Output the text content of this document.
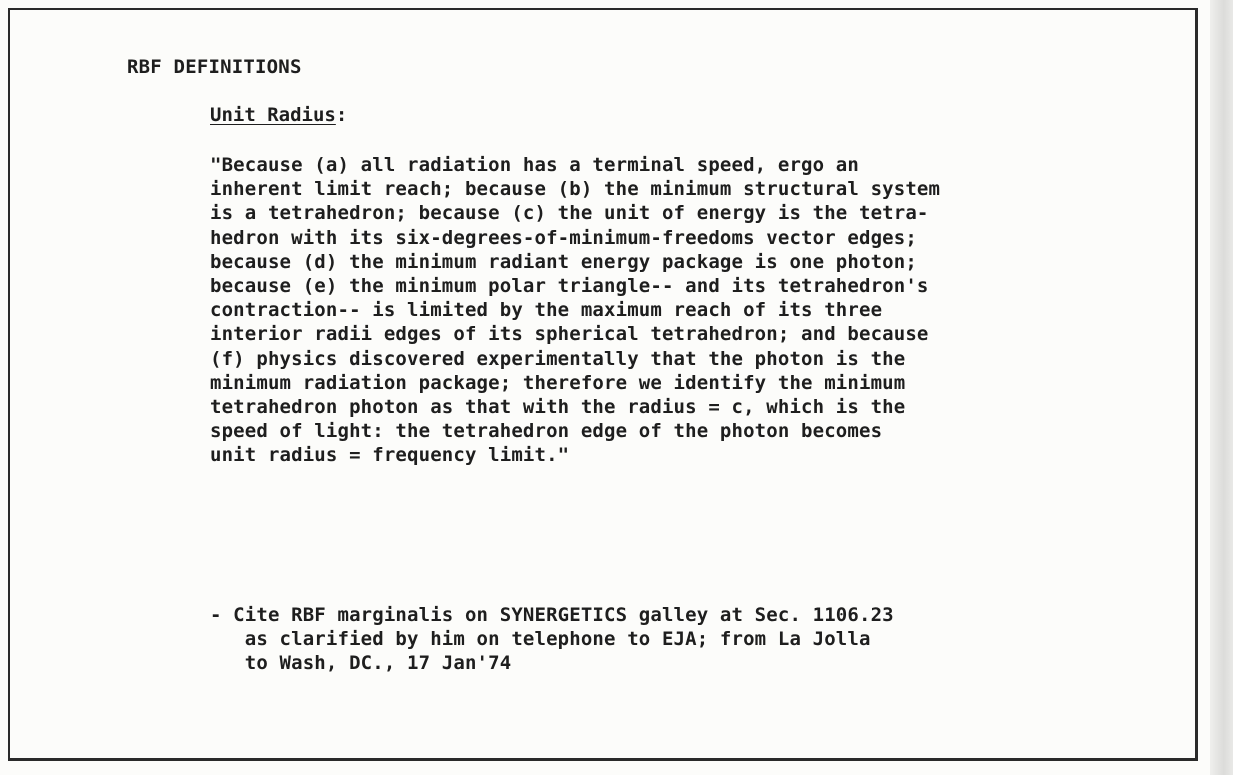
RBF DEFINITIONS
Unit Radius:
"Because (a) all radiation has a terminal speed, ergo an
inherent limit reach; because (b) the minimum structural system
is a tetrahedron; because (c) the unit of energy is the tetra-
hedron with its six-degrees-of-minimum-freedoms vector edges;
because (d) the minimum radiant energy package is one photon;
because (e) the minimum polar triangle-- and its tetrahedron's
contraction-- is limited by the maximum reach of its three
interior radii edges of its spherical tetrahedron; and because
(f) physics discovered experimentally that the photon is the
minimum radiation package; therefore we identify the minimum
tetrahedron photon as that with the radius = c, which is the
speed of light: the tetrahedron edge of the photon becomes
unit radius = frequency limit."
- Cite RBF marginalis on SYNERGETICS galley at Sec. 1106.23
as clarified by him on telephone to EJA; from La Jolla
to Wash, DC., 17 Jan'74
